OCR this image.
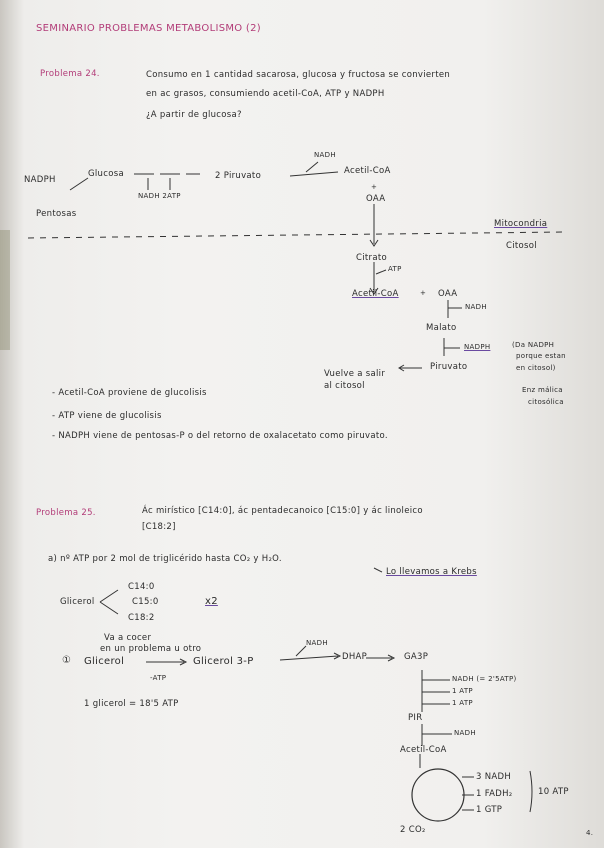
SEMINARIO PROBLEMAS METABOLISMO (2)
Problema 24.	Consumo en 1 cantidad sacarosa, glucosa y fructosa se convierten
en ac grasos, consumiendo acetil-CoA, ATP y NADPH
¿A partir de glucosa?
NADPH
Glucosa
Pentosas
NADH 2ATP
2 Piruvato
NADH
Acetil-CoA
+
OAA
Mitocondria
Citosol
Citrato
ATP
Acetil-CoA	+ OAA
NADH
Malato
NADPH	(Da NADPH
porque estan
en citosol)
Enz málica
citosólica
Vuelve a salir
al citosol
Piruvato
- Acetil-CoA proviene de glucolisis
- ATP viene de glucolisis
- NADPH viene de pentosas-P o del retorno de oxalacetato como piruvato.
Problema 25.	Ác mirístico [C14:0], ác pentadecanoico [C15:0] y ác linoleico
[C18:2]
a) nº ATP por 2 mol de triglicérido hasta CO₂ y H₂O.
Lo llevamos a Krebs
Glicerol
C14:0
C15:0
C18:2
x2
Va a cocer
en un problema u otro
① Glicerol
-ATP
Glicerol 3-P
NADH
DHAP	GA3P
NADH (= 2'5ATP)
1 ATP
1 ATP
PIR
NADH
Acetil-CoA
3 NADH
1 FADH₂
1 GTP
10 ATP
2 CO₂
1 glicerol = 18'5 ATP
4.
